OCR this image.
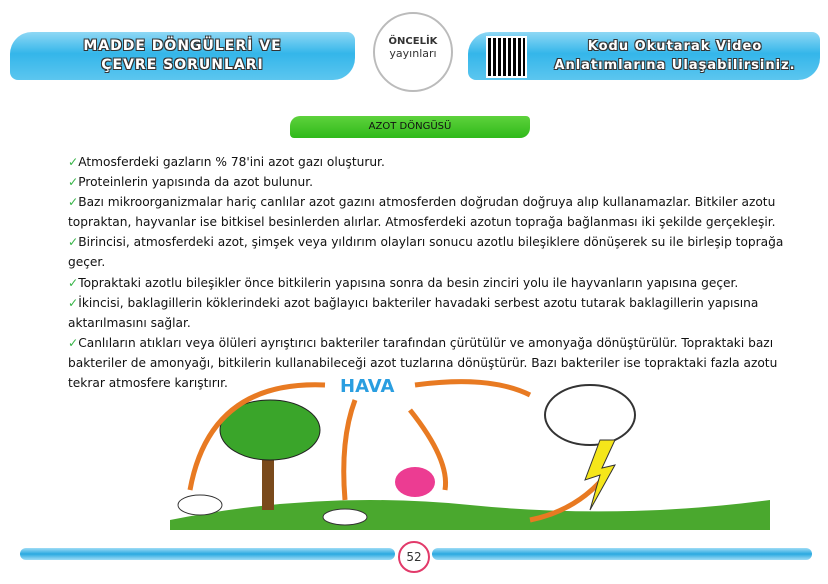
MADDE DÖNGÜLERİ VE
ÇEVRE SORUNLARI
ÖNCELİK
yayınları	Kodu Okutarak Video
Anlatımlarına Ulaşabilirsiniz.
AZOT DÖNGÜSÜ

✓Atmosferdeki gazların % 78'ini azot gazı oluşturur.

✓Proteinlerin yapısında da azot bulunur.

✓Bazı mikroorganizmalar hariç canlılar azot gazını atmosferden doğrudan doğruya alıp kullanamazlar. Bitkiler azotu topraktan, hayvanlar ise bitkisel besinlerden alırlar. Atmosferdeki azotun toprağa bağlanması iki şekilde gerçekleşir.

✓Birincisi, atmosferdeki azot, şimşek veya yıldırım olayları sonucu azotlu bileşiklere dönüşerek su ile birleşip toprağa geçer.

✓Topraktaki azotlu bileşikler önce bitkilerin yapısına sonra da besin zinciri yolu ile hayvanların yapısına geçer.

✓İkincisi, baklagillerin köklerindeki azot bağlayıcı bakteriler havadaki serbest azotu tutarak baklagillerin yapısına aktarılmasını sağlar.

✓Canlıların atıkları veya ölüleri ayrıştırıcı bakteriler tarafından çürütülür ve amonyağa dönüştürülür. Topraktaki bazı bakteriler de amonyağı, bitkilerin kullanabileceği azot tuzlarına dönüştürür. Bazı bakteriler ise topraktaki fazla azotu tekrar atmosfere karıştırır.	HAVA
52
